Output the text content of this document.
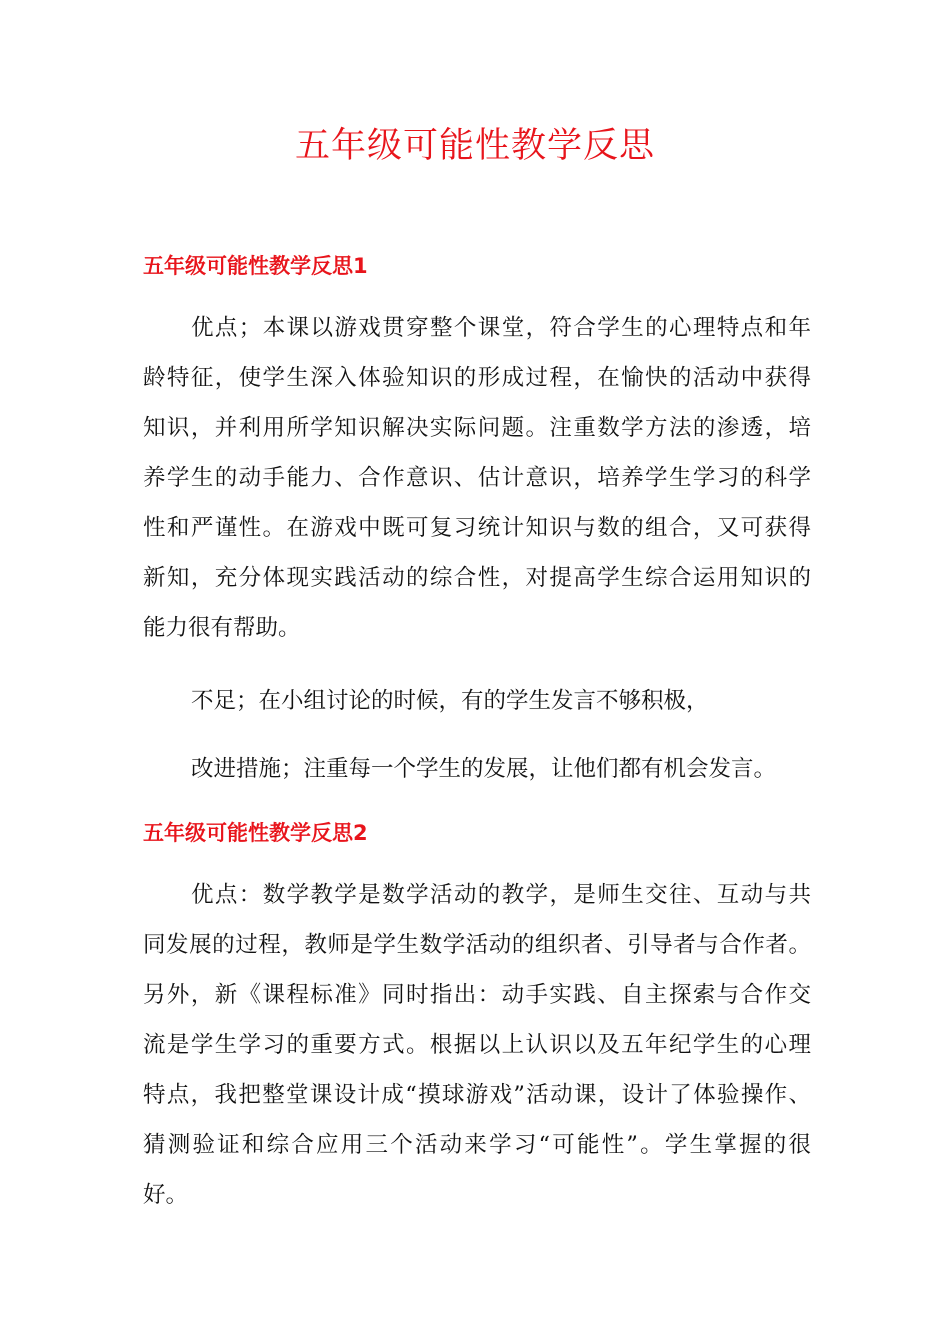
五年级可能性教学反思
五年级可能性教学反思1
优点；本课以游戏贯穿整个课堂，符合学生的心理特点和年
龄特征，使学生深入体验知识的形成过程，在愉快的活动中获得
知识，并利用所学知识解决实际问题。注重数学方法的渗透，培
养学生的动手能力、合作意识、估计意识，培养学生学习的科学
性和严谨性。在游戏中既可复习统计知识与数的组合，又可获得
新知，充分体现实践活动的综合性，对提高学生综合运用知识的
能力很有帮助。
不足；在小组讨论的时候，有的学生发言不够积极，
改进措施；注重每一个学生的发展，让他们都有机会发言。
五年级可能性教学反思2
优点：数学教学是数学活动的教学，是师生交往、互动与共
同发展的过程，教师是学生数学活动的组织者、引导者与合作者。
另外，新《课程标准》同时指出：动手实践、自主探索与合作交
流是学生学习的重要方式。根据以上认识以及五年纪学生的心理
特点，我把整堂课设计成“摸球游戏”活动课，设计了体验操作、
猜测验证和综合应用三个活动来学习“可能性”。学生掌握的很
好。
